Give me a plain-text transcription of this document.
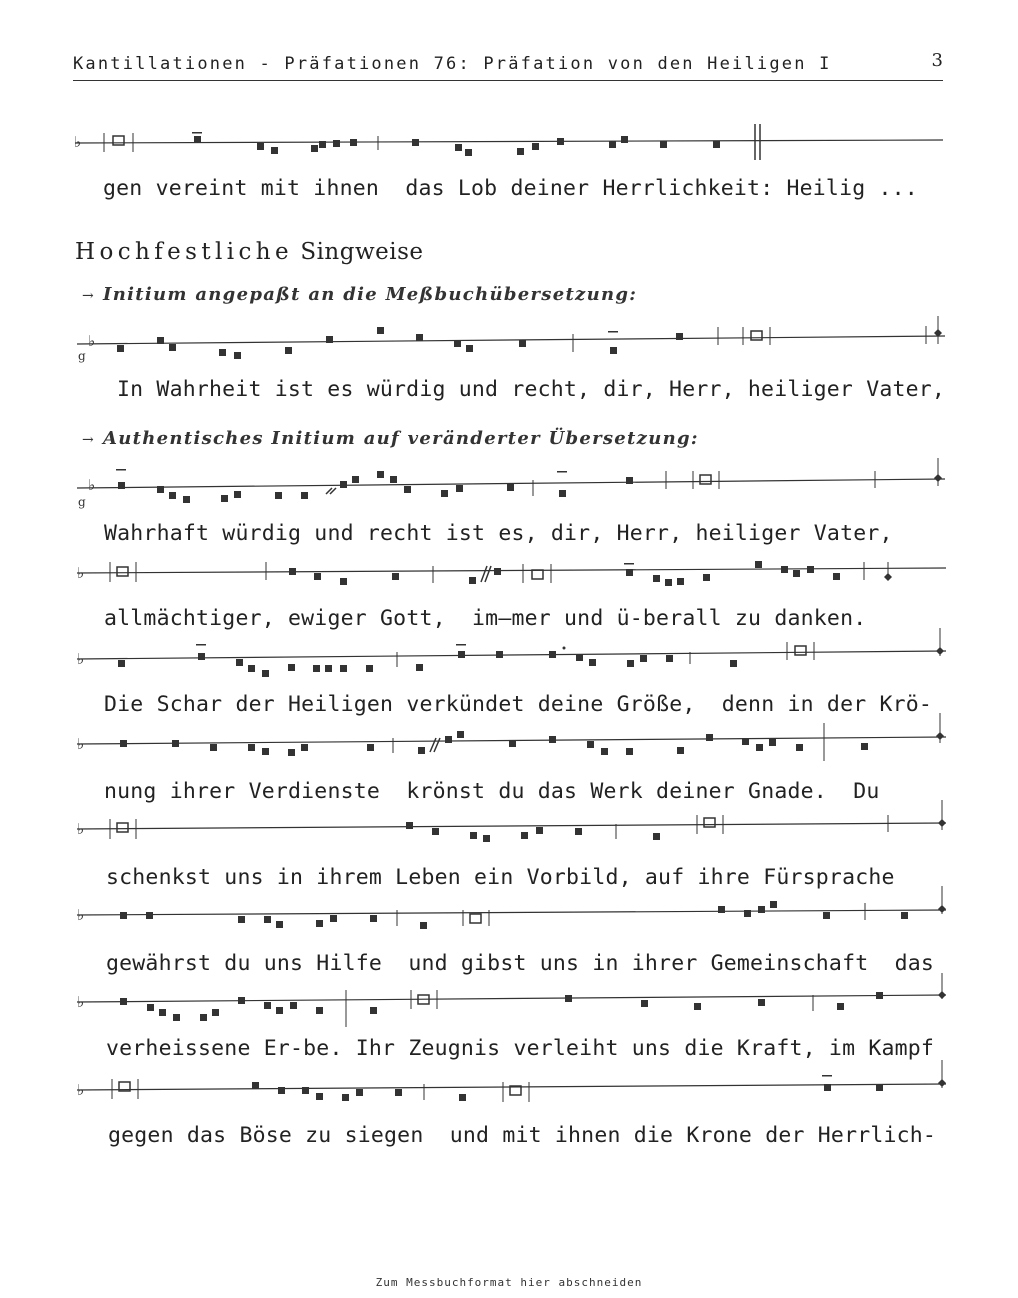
Kantillationen - Präfationen 76: Präfation von den Heiligen I	3
♭
gen vereint mit ihnen  das Lob deiner Herrlichkeit: Heilig ...
Hochfestliche Singweise
→ Initium angepaßt an die Meßbuchübersetzung:
♭
g
In Wahrheit ist es würdig und recht, dir, Herr, heiliger Vater,
→ Authentisches Initium auf veränderter Übersetzung:
♭
g
Wahrhaft würdig und recht ist es, dir, Herr, heiliger Vater,
♭
allmächtiger, ewiger Gott,  im—mer und ü-berall zu danken.
♭
Die Schar der Heiligen verkündet deine Größe,  denn in der Krö-
♭
nung ihrer Verdienste  krönst du das Werk deiner Gnade.  Du
♭
schenkst uns in ihrem Leben ein Vorbild, auf ihre Fürsprache
♭
gewährst du uns Hilfe  und gibst uns in ihrer Gemeinschaft  das
♭
verheissene Er-be. Ihr Zeugnis verleiht uns die Kraft, im Kampf
♭
gegen das Böse zu siegen  und mit ihnen die Krone der Herrlich-
Zum Messbuchformat hier abschneiden
